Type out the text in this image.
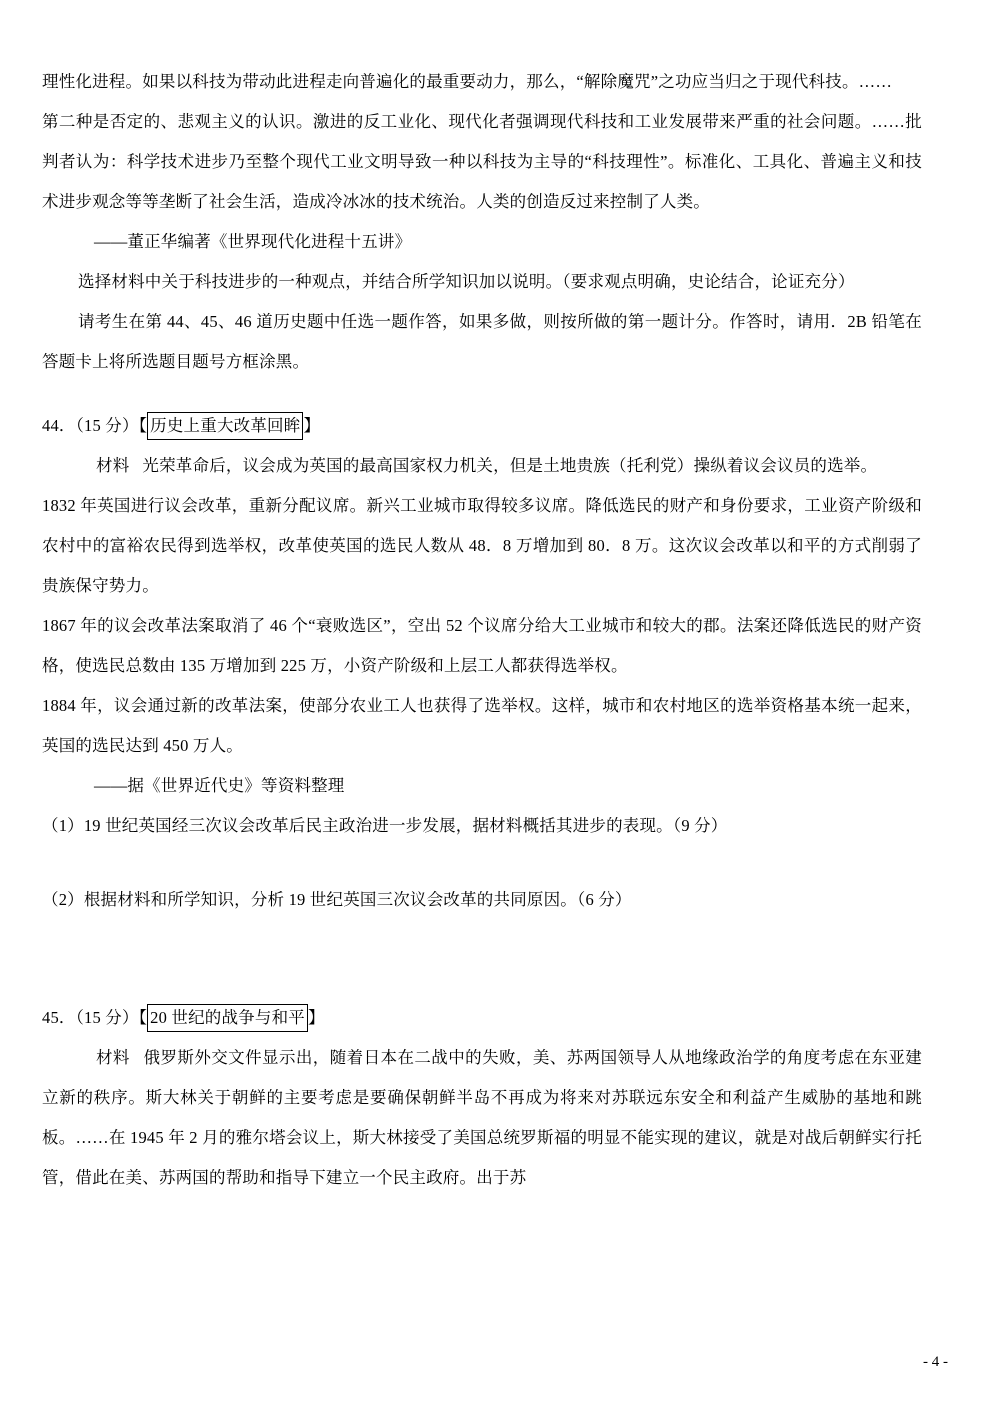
理性化进程。如果以科技为带动此进程走向普遍化的最重要动力，那么，“解除魔咒”之功应当归之于现代科技。……

第二种是否定的、悲观主义的认识。激进的反工业化、现代化者强调现代科技和工业发展带来严重的社会问题。……批判者认为：科学技术进步乃至整个现代工业文明导致一种以科技为主导的“科技理性”。标准化、工具化、普遍主义和技术进步观念等等垄断了社会生活，造成冷冰冰的技术统治。人类的创造反过来控制了人类。

——董正华编著《世界现代化进程十五讲》

选择材料中关于科技进步的一种观点，并结合所学知识加以说明。（要求观点明确，史论结合，论证充分）

请考生在第 44、45、46 道历史题中任选一题作答，如果多做，则按所做的第一题计分。作答时，请用．2B 铅笔在答题卡上将所选题目题号方框涂黑。

44．（15 分）【 历史上重大改革回眸 】

材料 光荣革命后，议会成为英国的最高国家权力机关，但是土地贵族（托利党）操纵着议会议员的选举。

1832 年英国进行议会改革，重新分配议席。新兴工业城市取得较多议席。降低选民的财产和身份要求，工业资产阶级和农村中的富裕农民得到选举权，改革使英国的选民人数从 48．8 万增加到 80．8 万。这次议会改革以和平的方式削弱了贵族保守势力。

1867 年的议会改革法案取消了 46 个“衰败选区”，空出 52 个议席分给大工业城市和较大的郡。法案还降低选民的财产资格，使选民总数由 135 万增加到 225 万，小资产阶级和上层工人都获得选举权。

1884 年，议会通过新的改革法案，使部分农业工人也获得了选举权。这样，城市和农村地区的选举资格基本统一起来，英国的选民达到 450 万人。

——据《世界近代史》等资料整理

（1）19 世纪英国经三次议会改革后民主政治进一步发展，据材料概括其进步的表现。（9 分）

（2）根据材料和所学知识，分析 19 世纪英国三次议会改革的共同原因。（6 分）

45．（15 分）【 20 世纪的战争与和平 】

材料 俄罗斯外交文件显示出，随着日本在二战中的失败，美、苏两国领导人从地缘政治学的角度考虑在东亚建立新的秩序。斯大林关于朝鲜的主要考虑是要确保朝鲜半岛不再成为将来对苏联远东安全和利益产生威胁的基地和跳板。……在 1945 年 2 月的雅尔塔会议上，斯大林接受了美国总统罗斯福的明显不能实现的建议，就是对战后朝鲜实行托管，借此在美、苏两国的帮助和指导下建立一个民主政府。出于苏

- 4 -
